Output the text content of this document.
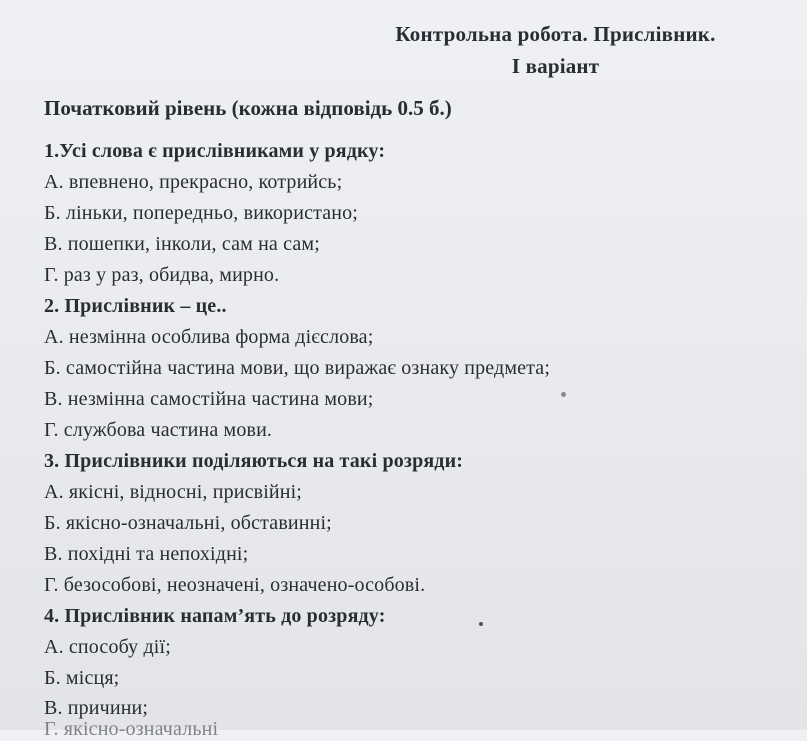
Контрольна робота. Прислівник.
І варіант
Початковий рівень (кожна відповідь 0.5 б.)
1.Усі слова є прислівниками у рядку:
А. впевнено, прекрасно, котрийсь;
Б. ліньки, попередньо, використано;
В. пошепки, інколи, сам на сам;
Г. раз у раз, обидва, мирно.
2. Прислівник – це..
А. незмінна особлива форма дієслова;
Б. самостійна частина мови, що виражає ознаку предмета;
В. незмінна самостійна частина мови;
Г. службова частина мови.
3. Прислівники поділяються на такі розряди:
А. якісні, відносні, присвійні;
Б. якісно-означальні, обставинні;
В. похідні та непохідні;
Г. безособові, неозначені, означено-особові.
4. Прислівник напам’ять до розряду:
А. способу дії;
Б. місця;
В. причини;
Г. якісно-означальні
